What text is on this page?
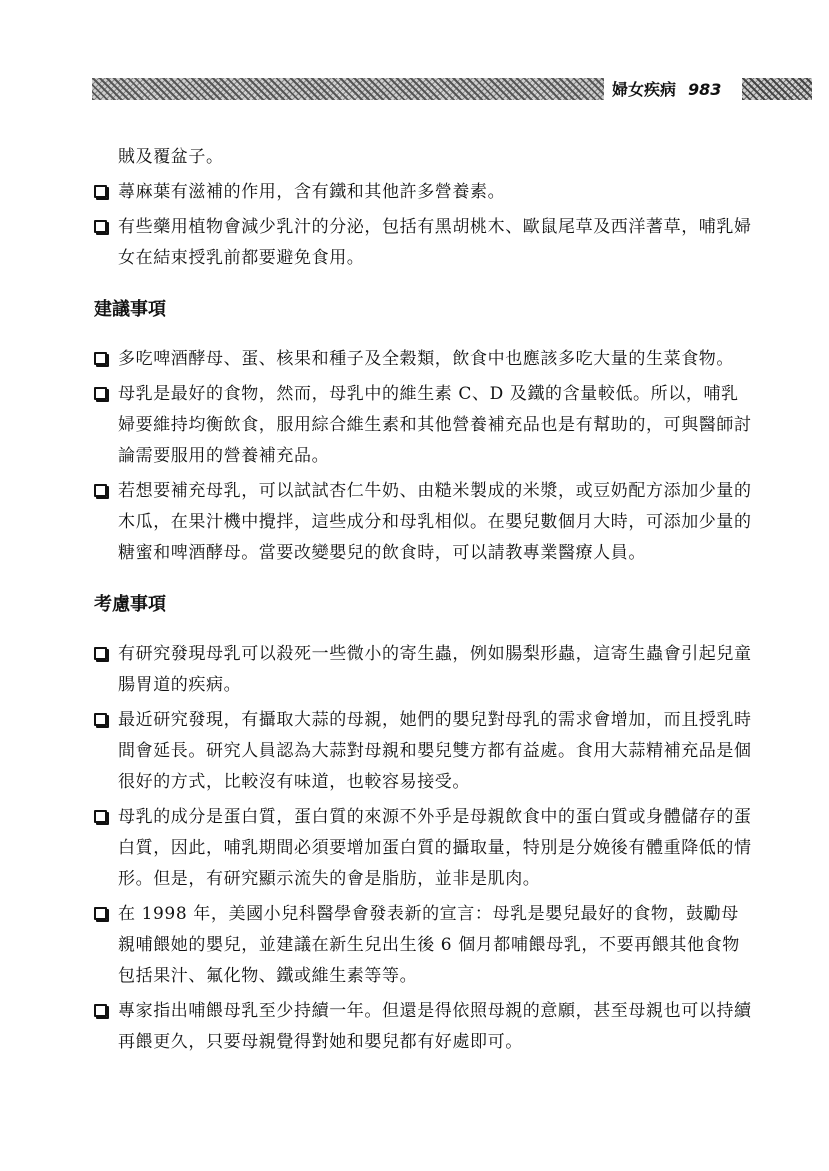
婦女疾病 983
賊及覆盆子。
蕁麻葉有滋補的作用，含有鐵和其他許多營養素。
有些藥用植物會減少乳汁的分泌，包括有黑胡桃木、歐鼠尾草及西洋蓍草，哺乳婦女在結束授乳前都要避免食用。
建議事項
多吃啤酒酵母、蛋、核果和種子及全穀類，飲食中也應該多吃大量的生菜食物。
母乳是最好的食物，然而，母乳中的維生素 C、D 及鐵的含量較低。所以，哺乳婦要維持均衡飲食，服用綜合維生素和其他營養補充品也是有幫助的，可與醫師討論需要服用的營養補充品。
若想要補充母乳，可以試試杏仁牛奶、由糙米製成的米漿，或豆奶配方添加少量的木瓜，在果汁機中攪拌，這些成分和母乳相似。在嬰兒數個月大時，可添加少量的糖蜜和啤酒酵母。當要改變嬰兒的飲食時，可以請教專業醫療人員。
考慮事項
有研究發現母乳可以殺死一些微小的寄生蟲，例如腸梨形蟲，這寄生蟲會引起兒童腸胃道的疾病。
最近研究發現，有攝取大蒜的母親，她們的嬰兒對母乳的需求會增加，而且授乳時間會延長。研究人員認為大蒜對母親和嬰兒雙方都有益處。食用大蒜精補充品是個很好的方式，比較沒有味道，也較容易接受。
母乳的成分是蛋白質，蛋白質的來源不外乎是母親飲食中的蛋白質或身體儲存的蛋白質，因此，哺乳期間必須要增加蛋白質的攝取量，特別是分娩後有體重降低的情形。但是，有研究顯示流失的會是脂肪，並非是肌肉。
在 1998 年，美國小兒科醫學會發表新的宣言：母乳是嬰兒最好的食物，鼓勵母親哺餵她的嬰兒，並建議在新生兒出生後 6 個月都哺餵母乳，不要再餵其他食物包括果汁、氟化物、鐵或維生素等等。
專家指出哺餵母乳至少持續一年。但還是得依照母親的意願，甚至母親也可以持續再餵更久，只要母親覺得對她和嬰兒都有好處即可。
